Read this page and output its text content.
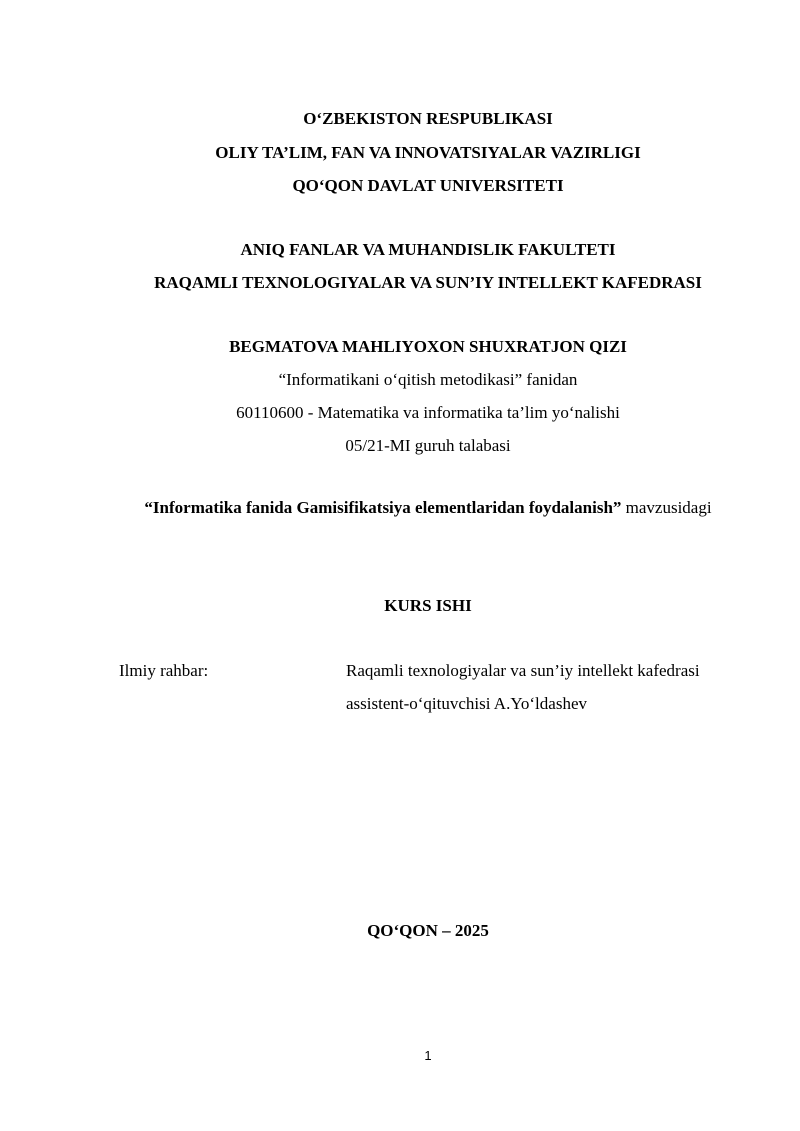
O‘ZBEKISTON RESPUBLIKASI
OLIY TA’LIM, FAN VA INNOVATSIYALAR VAZIRLIGI
QO‘QON DAVLAT UNIVERSITETI
ANIQ FANLAR VA MUHANDISLIK FAKULTETI
RAQAMLI TEXNOLOGIYALAR VA SUN’IY INTELLEKT KAFEDRASI
BEGMATOVA MAHLIYOXON SHUXRATJON QIZI
“Informatikani o‘qitish metodikasi” fanidan
60110600 - Matematika va informatika ta’lim yo‘nalishi
05/21-MI guruh talabasi
“Informatika fanida Gamisifikatsiya elementlaridan foydalanish” mavzusidagi
KURS ISHI
Ilmiy rahbar:	Raqamli texnologiyalar va sun’iy intellekt kafedrasi
assistent-o‘qituvchisi A.Yo‘ldashev
QO‘QON – 2025
1
